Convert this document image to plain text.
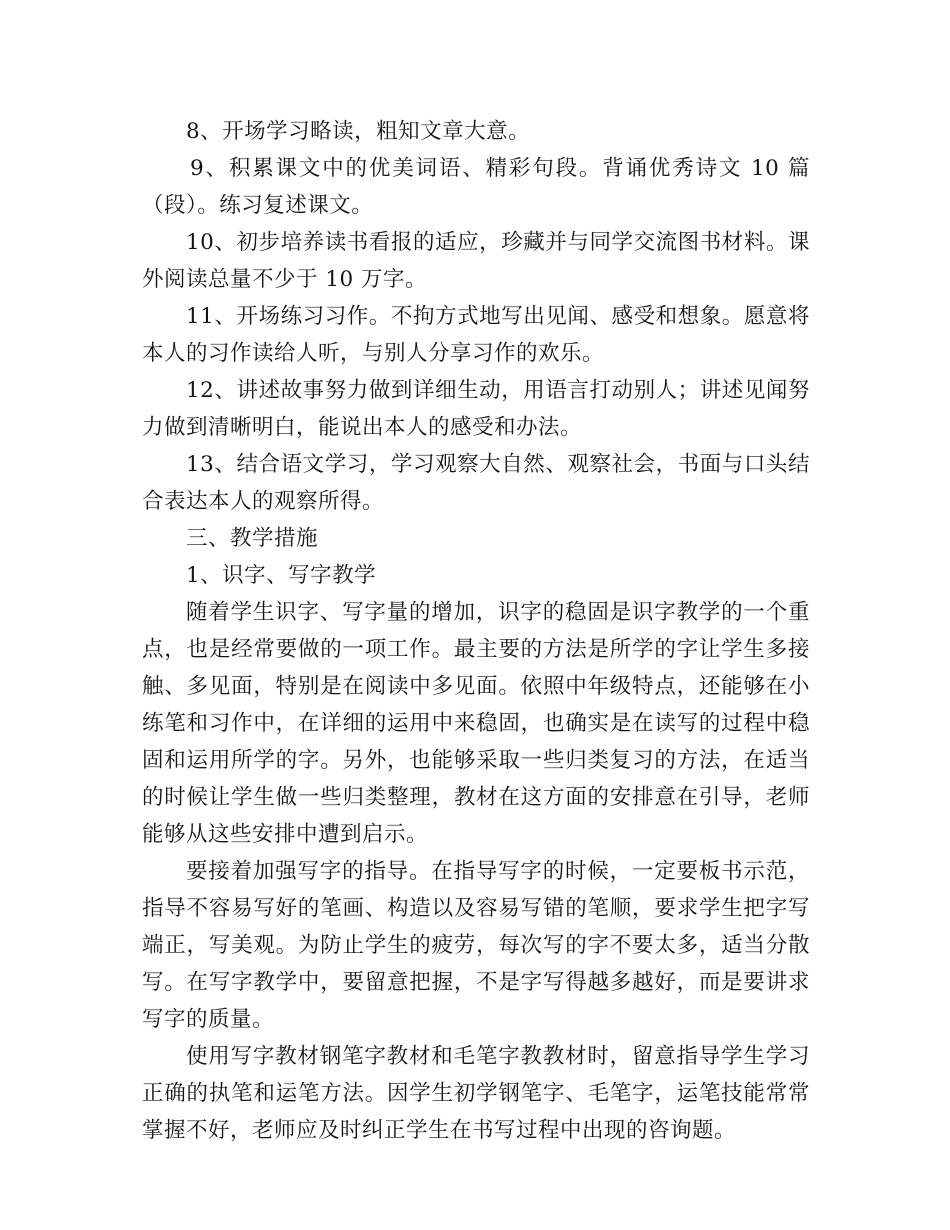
8、开场学习略读，粗知文章大意。

9、积累课文中的优美词语、精彩句段。背诵优秀诗文 10 篇（段）。练习复述课文。

10、初步培养读书看报的适应，珍藏并与同学交流图书材料。课外阅读总量不少于 10 万字。

11、开场练习习作。不拘方式地写出见闻、感受和想象。愿意将本人的习作读给人听，与别人分享习作的欢乐。

12、讲述故事努力做到详细生动，用语言打动别人；讲述见闻努力做到清晰明白，能说出本人的感受和办法。

13、结合语文学习，学习观察大自然、观察社会，书面与口头结合表达本人的观察所得。

三、教学措施

1、识字、写字教学

随着学生识字、写字量的增加，识字的稳固是识字教学的一个重点，也是经常要做的一项工作。最主要的方法是所学的字让学生多接触、多见面，特别是在阅读中多见面。依照中年级特点，还能够在小练笔和习作中，在详细的运用中来稳固，也确实是在读写的过程中稳固和运用所学的字。另外，也能够采取一些归类复习的方法，在适当的时候让学生做一些归类整理，教材在这方面的安排意在引导，老师能够从这些安排中遭到启示。

要接着加强写字的指导。在指导写字的时候，一定要板书示范，指导不容易写好的笔画、构造以及容易写错的笔顺，要求学生把字写端正，写美观。为防止学生的疲劳，每次写的字不要太多，适当分散写。在写字教学中，要留意把握，不是字写得越多越好，而是要讲求写字的质量。

使用写字教材钢笔字教材和毛笔字教教材时，留意指导学生学习正确的执笔和运笔方法。因学生初学钢笔字、毛笔字，运笔技能常常掌握不好，老师应及时纠正学生在书写过程中出现的咨询题。
